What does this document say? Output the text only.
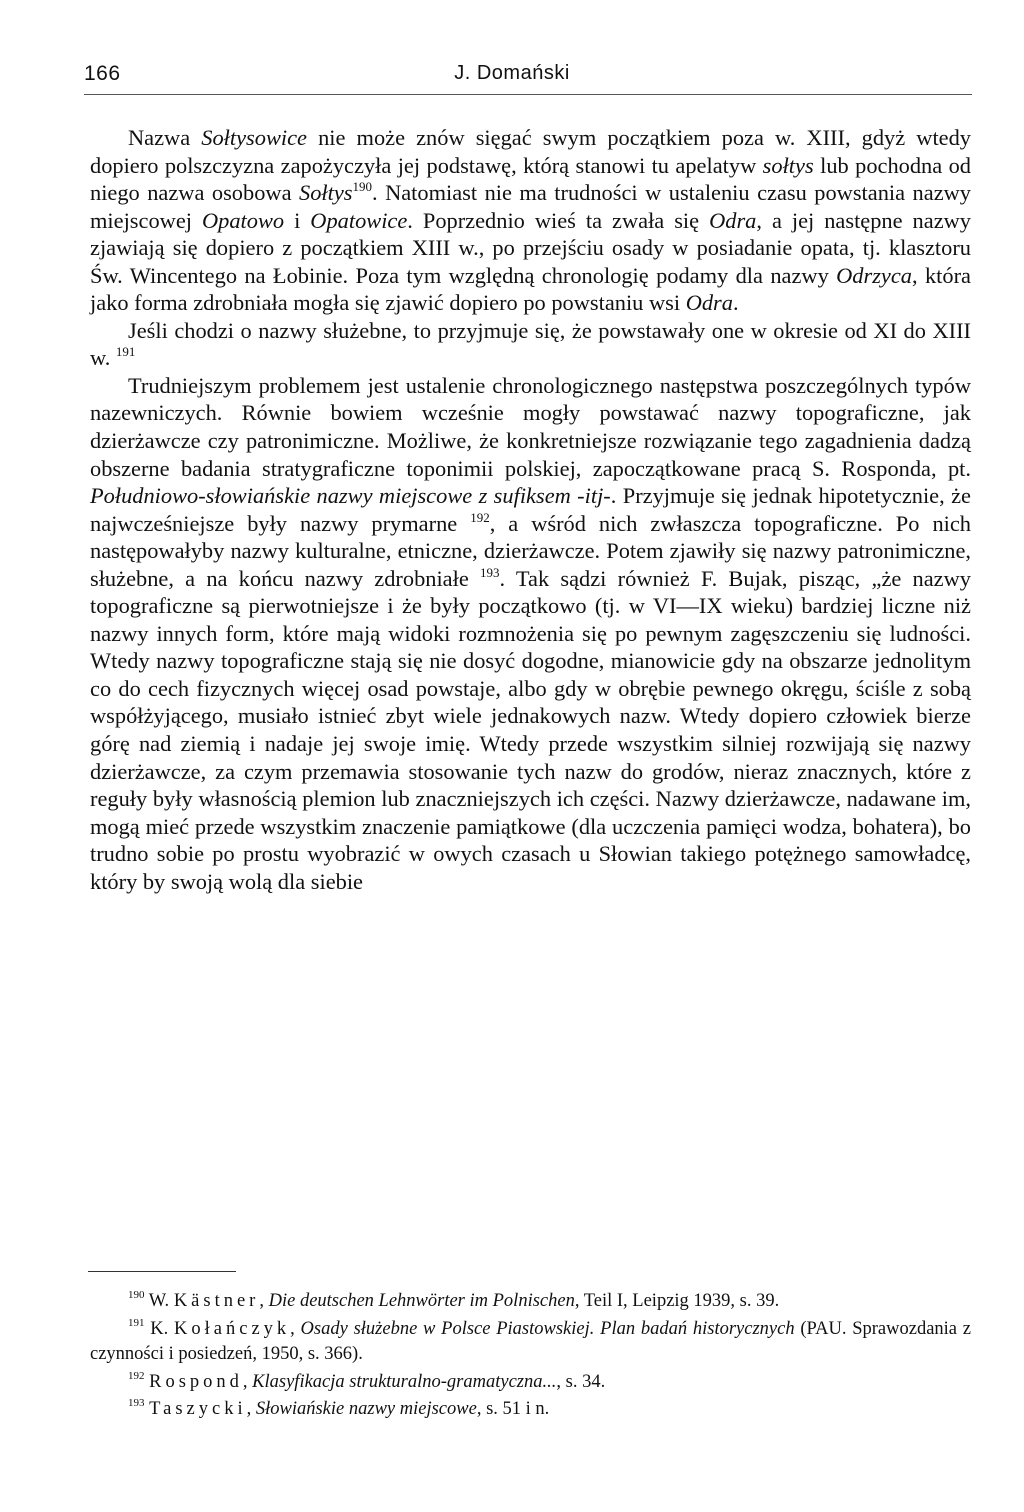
166	J. Domański

Nazwa Sołtysowice nie może znów sięgać swym początkiem poza w. XIII, gdyż wtedy dopiero polszczyzna zapożyczyła jej podstawę, którą stanowi tu apelatyw sołtys lub pochodna od niego nazwa osobowa Sołtys$^{190}$. Natomiast nie ma trudności w ustaleniu czasu powstania nazwy miejscowej Opatowo i Opatowice. Poprzednio wieś ta zwała się Odra, a jej następne nazwy zjawiają się dopiero z początkiem XIII w., po przejściu osady w posiadanie opata, tj. klasztoru Św. Wincentego na Łobinie. Poza tym względną chronologię podamy dla nazwy Odrzyca, która jako forma zdrobniała mogła się zjawić dopiero po powstaniu wsi Odra.

Jeśli chodzi o nazwy służebne, to przyjmuje się, że powstawały one w okresie od XI do XIII w. $^{191}$

Trudniejszym problemem jest ustalenie chronologicznego następstwa poszczególnych typów nazewniczych. Równie bowiem wcześnie mogły powstawać nazwy topograficzne, jak dzierżawcze czy patronimiczne. Możliwe, że konkretniejsze rozwiązanie tego zagadnienia dadzą obszerne badania stratygraficzne toponimii polskiej, zapoczątkowane pracą S. Rosponda, pt. Południowo-słowiańskie nazwy miejscowe z sufiksem -itj-. Przyjmuje się jednak hipotetycznie, że najwcześniejsze były nazwy prymarne $^{192}$, a wśród nich zwłaszcza topograficzne. Po nich następowałyby nazwy kulturalne, etniczne, dzierżawcze. Potem zjawiły się nazwy patronimiczne, służebne, a na końcu nazwy zdrobniałe $^{193}$. Tak sądzi również F. Bujak, pisząc, „że nazwy topograficzne są pierwotniejsze i że były początkowo (tj. w VI—IX wieku) bardziej liczne niż nazwy innych form, które mają widoki rozmnożenia się po pewnym zagęszczeniu się ludności. Wtedy nazwy topograficzne stają się nie dosyć dogodne, mianowicie gdy na obszarze jednolitym co do cech fizycznych więcej osad powstaje, albo gdy w obrębie pewnego okręgu, ściśle z sobą współżyjącego, musiało istnieć zbyt wiele jednakowych nazw. Wtedy dopiero człowiek bierze górę nad ziemią i nadaje jej swoje imię. Wtedy przede wszystkim silniej rozwijają się nazwy dzierżawcze, za czym przemawia stosowanie tych nazw do grodów, nieraz znacznych, które z reguły były własnością plemion lub znaczniejszych ich części. Nazwy dzierżawcze, nadawane im, mogą mieć przede wszystkim znaczenie pamiątkowe (dla uczczenia pamięci wodza, bohatera), bo trudno sobie po prostu wyobrazić w owych czasach u Słowian takiego potężnego samowładcę, który by swoją wolą dla siebie

$^{190}$ W. Kästner, Die deutschen Lehnwörter im Polnischen, Teil I, Leipzig 1939, s. 39.

$^{191}$ K. Kołańczyk, Osady służebne w Polsce Piastowskiej. Plan badań historycznych (PAU. Sprawozdania z czynności i posiedzeń, 1950, s. 366).

$^{192}$ Rospond, Klasyfikacja strukturalno-gramatyczna..., s. 34.

$^{193}$ Taszycki, Słowiańskie nazwy miejscowe, s. 51 i n.
